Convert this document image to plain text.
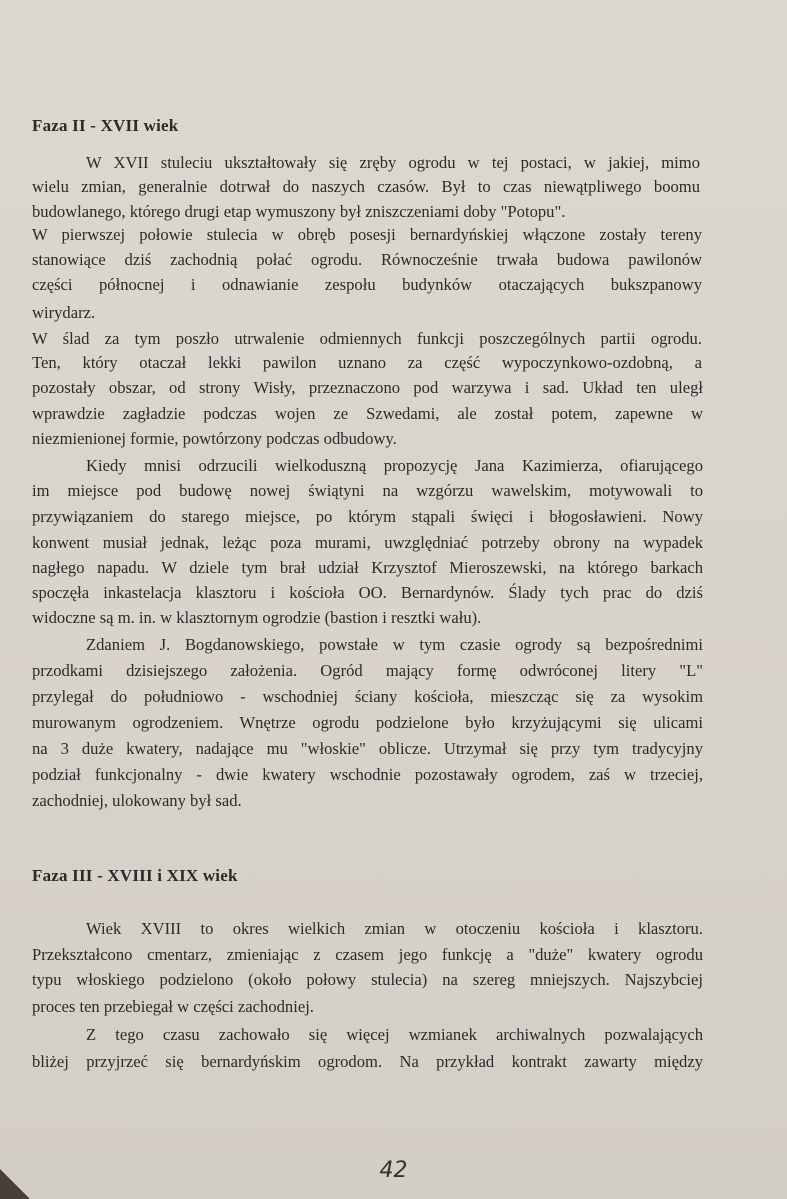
Faza II - XVII wiek
W XVII stuleciu ukształtowały się zręby ogrodu w tej postaci, w jakiej, mimo
wielu zmian, generalnie dotrwał do naszych czasów. Był to czas niewątpliwego boomu
budowlanego, którego drugi etap wymuszony był zniszczeniami doby "Potopu".
W pierwszej połowie stulecia w obręb posesji bernardyńskiej włączone zostały tereny
stanowiące dziś zachodnią połać ogrodu. Równocześnie trwała budowa pawilonów
części północnej i odnawianie zespołu budynków otaczających bukszpanowy
wirydarz.
W ślad za tym poszło utrwalenie odmiennych funkcji poszczególnych partii ogrodu.
Ten, który otaczał lekki pawilon uznano za część wypoczynkowo-ozdobną, a
pozostały obszar, od strony Wisły, przeznaczono pod warzywa i sad. Układ ten uległ
wprawdzie zagładzie podczas wojen ze Szwedami, ale został potem, zapewne w
niezmienionej formie, powtórzony podczas odbudowy.
Kiedy mnisi odrzucili wielkoduszną propozycję Jana Kazimierza, ofiarującego
im miejsce pod budowę nowej świątyni na wzgórzu wawelskim, motywowali to
przywiązaniem do starego miejsce, po którym stąpali święci i błogosławieni. Nowy
konwent musiał jednak, leżąc poza murami, uwzględniać potrzeby obrony na wypadek
nagłego napadu. W dziele tym brał udział Krzysztof Mieroszewski, na którego barkach
spoczęła inkastelacja klasztoru i kościoła OO. Bernardynów. Ślady tych prac do dziś
widoczne są m. in. w klasztornym ogrodzie (bastion i resztki wału).
Zdaniem J. Bogdanowskiego, powstałe w tym czasie ogrody są bezpośrednimi
przodkami dzisiejszego założenia. Ogród mający formę odwróconej litery "L"
przylegał do południowo - wschodniej ściany kościoła, mieszcząc się za wysokim
murowanym ogrodzeniem. Wnętrze ogrodu podzielone było krzyżującymi się ulicami
na 3 duże kwatery, nadające mu "włoskie" oblicze. Utrzymał się przy tym tradycyjny
podział funkcjonalny - dwie kwatery wschodnie pozostawały ogrodem, zaś w trzeciej,
zachodniej, ulokowany był sad.
Wiek XVIII to okres wielkich zmian w otoczeniu kościoła i klasztoru.
Przekształcono cmentarz, zmieniając z czasem jego funkcję a "duże" kwatery ogrodu
typu włoskiego podzielono (około połowy stulecia) na szereg mniejszych. Najszybciej
proces ten przebiegał w części zachodniej.
Z tego czasu zachowało się więcej wzmianek archiwalnych pozwalających
bliżej przyjrzeć się bernardyńskim ogrodom. Na przykład kontrakt zawarty między
Faza III - XVIII i XIX wiek
42
